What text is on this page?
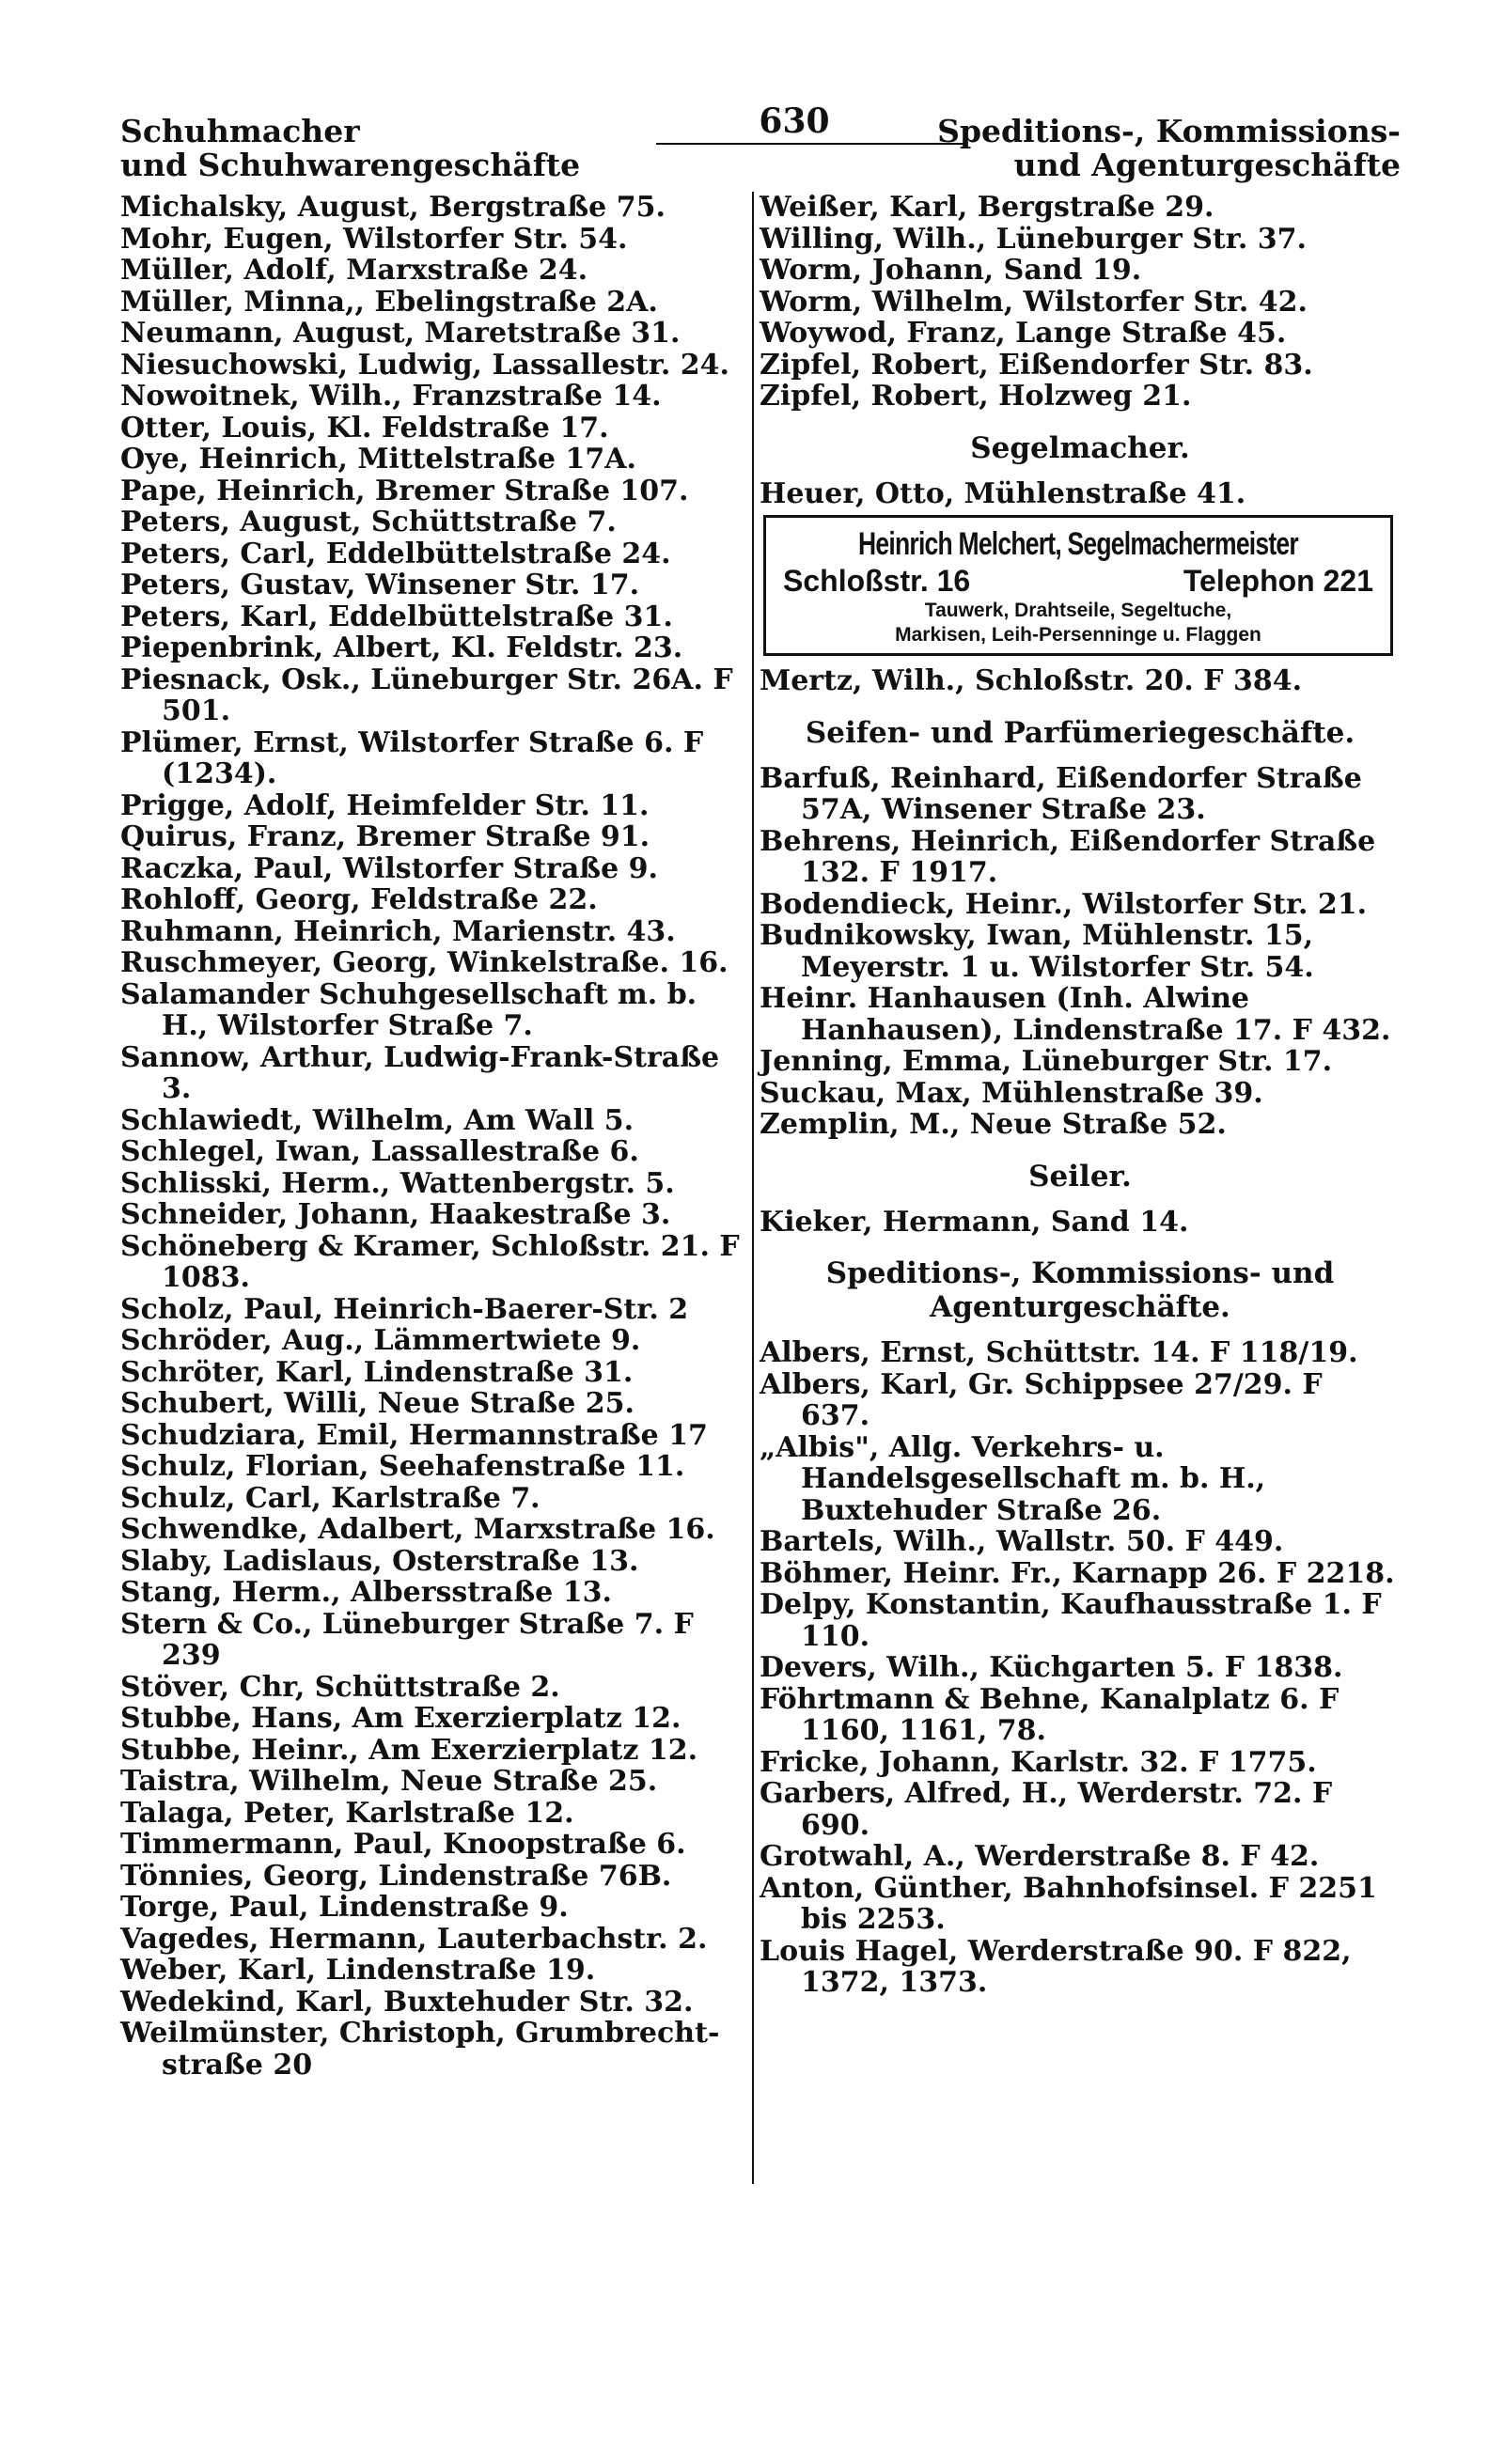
Schuhmacher
und Schuhwarengeschäfte
630	Speditions-, Kommissions-
und Agenturgeschäfte
Michalsky, August, Bergstraße 75.
Mohr, Eugen, Wilstorfer Str. 54.
Müller, Adolf, Marxstraße 24.
Müller, Minna,, Ebelingstraße 2A.
Neumann, August, Maretstraße 31.
Niesuchowski, Ludwig, Lassallestr. 24.
Nowoitnek, Wilh., Franzstraße 14.
Otter, Louis, Kl. Feldstraße 17.
Oye, Heinrich, Mittelstraße 17A.
Pape, Heinrich, Bremer Straße 107.
Peters, August, Schüttstraße 7.
Peters, Carl, Eddelbüttelstraße 24.
Peters, Gustav, Winsener Str. 17.
Peters, Karl, Eddelbüttelstraße 31.
Piepenbrink, Albert, Kl. Feldstr. 23.
Piesnack, Osk., Lüneburger Str. 26A. F 501.
Plümer, Ernst, Wilstorfer Straße 6. F (1234).
Prigge, Adolf, Heimfelder Str. 11.
Quirus, Franz, Bremer Straße 91.
Raczka, Paul, Wilstorfer Straße 9.
Rohloff, Georg, Feldstraße 22.
Ruhmann, Heinrich, Marienstr. 43.
Ruschmeyer, Georg, Winkelstraße. 16.
Salamander Schuhgesellschaft m. b. H., Wilstorfer Straße 7.
Sannow, Arthur, Ludwig-Frank-Straße 3.
Schlawiedt, Wilhelm, Am Wall 5.
Schlegel, Iwan, Lassallestraße 6.
Schlisski, Herm., Wattenbergstr. 5.
Schneider, Johann, Haakestraße 3.
Schöneberg & Kramer, Schloßstr. 21. F 1083.
Scholz, Paul, Heinrich-Baerer-Str. 2
Schröder, Aug., Lämmertwiete 9.
Schröter, Karl, Lindenstraße 31.
Schubert, Willi, Neue Straße 25.
Schudziara, Emil, Hermannstraße 17
Schulz, Florian, Seehafenstraße 11.
Schulz, Carl, Karlstraße 7.
Schwendke, Adalbert, Marxstraße 16.
Slaby, Ladislaus, Osterstraße 13.
Stang, Herm., Albersstraße 13.
Stern & Co., Lüneburger Straße 7. F 239
Stöver, Chr, Schüttstraße 2.
Stubbe, Hans, Am Exerzierplatz 12.
Stubbe, Heinr., Am Exerzierplatz 12.
Taistra, Wilhelm, Neue Straße 25.
Talaga, Peter, Karlstraße 12.
Timmermann, Paul, Knoopstraße 6.
Tönnies, Georg, Lindenstraße 76B.
Torge, Paul, Lindenstraße 9.
Vagedes, Hermann, Lauterbachstr. 2.
Weber, Karl, Lindenstraße 19.
Wedekind, Karl, Buxtehuder Str. 32.
Weilmünster, Christoph, Grumbrecht-straße 20
Weißer, Karl, Bergstraße 29.
Willing, Wilh., Lüneburger Str. 37.
Worm, Johann, Sand 19.
Worm, Wilhelm, Wilstorfer Str. 42.
Woywod, Franz, Lange Straße 45.
Zipfel, Robert, Eißendorfer Str. 83.
Zipfel, Robert, Holzweg 21.
Segelmacher.
Heuer, Otto, Mühlenstraße 41.
Heinrich Melchert, Segelmachermeister
Schloßstr. 16	Telephon 221
Tauwerk, Drahtseile, Segeltuche,
Markisen, Leih-Persenninge u. Flaggen
Mertz, Wilh., Schloßstr. 20. F 384.
Seifen- und Parfümeriegeschäfte.
Barfuß, Reinhard, Eißendorfer Straße 57A, Winsener Straße 23.
Behrens, Heinrich, Eißendorfer Straße 132. F 1917.
Bodendieck, Heinr., Wilstorfer Str. 21.
Budnikowsky, Iwan, Mühlenstr. 15, Meyerstr. 1 u. Wilstorfer Str. 54.
Heinr. Hanhausen (Inh. Alwine Hanhausen), Lindenstraße 17. F 432.
Jenning, Emma, Lüneburger Str. 17.
Suckau, Max, Mühlenstraße 39.
Zemplin, M., Neue Straße 52.
Seiler.
Kieker, Hermann, Sand 14.
Speditions-, Kommissions- und
Agenturgeschäfte.
Albers, Ernst, Schüttstr. 14. F 118/19.
Albers, Karl, Gr. Schippsee 27/29. F 637.
„Albis", Allg. Verkehrs- u. Handelsgesellschaft m. b. H., Buxtehuder Straße 26.
Bartels, Wilh., Wallstr. 50. F 449.
Böhmer, Heinr. Fr., Karnapp 26. F 2218.
Delpy, Konstantin, Kaufhausstraße 1. F 110.
Devers, Wilh., Küchgarten 5. F 1838.
Föhrtmann & Behne, Kanalplatz 6. F 1160, 1161, 78.
Fricke, Johann, Karlstr. 32. F 1775.
Garbers, Alfred, H., Werderstr. 72. F 690.
Grotwahl, A., Werderstraße 8. F 42.
Anton, Günther, Bahnhofsinsel. F 2251 bis 2253.
Louis Hagel, Werderstraße 90. F 822, 1372, 1373.
